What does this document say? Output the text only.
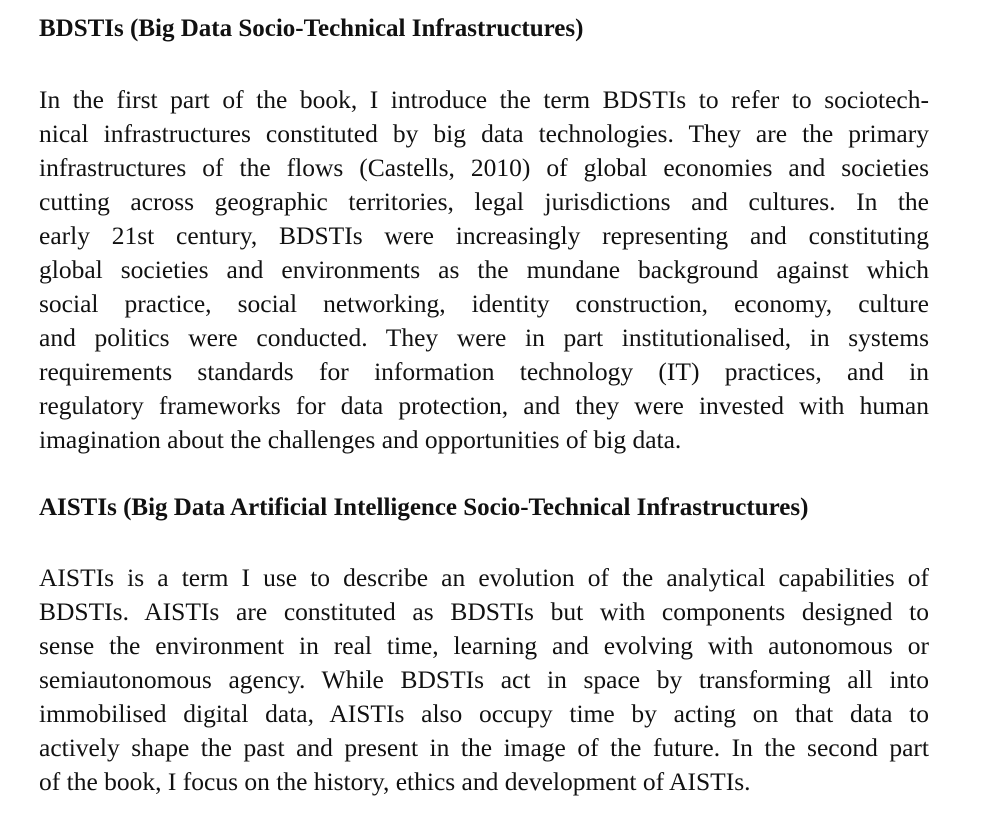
BDSTIs (Big Data Socio-Technical Infrastructures)
In the first part of the book, I introduce the term BDSTIs to refer to sociotech-
nical infrastructures constituted by big data technologies. They are the primary
infrastructures of the flows (Castells, 2010) of global economies and societies
cutting across geographic territories, legal jurisdictions and cultures. In the
early 21st century, BDSTIs were increasingly representing and constituting
global societies and environments as the mundane background against which
social practice, social networking, identity construction, economy, culture
and politics were conducted. They were in part institutionalised, in systems
requirements standards for information technology (IT) practices, and in
regulatory frameworks for data protection, and they were invested with human
imagination about the challenges and opportunities of big data.
AISTIs (Big Data Artificial Intelligence Socio-Technical Infrastructures)
AISTIs is a term I use to describe an evolution of the analytical capabilities of
BDSTIs. AISTIs are constituted as BDSTIs but with components designed to
sense the environment in real time, learning and evolving with autonomous or
semiautonomous agency. While BDSTIs act in space by transforming all into
immobilised digital data, AISTIs also occupy time by acting on that data to
actively shape the past and present in the image of the future. In the second part
of the book, I focus on the history, ethics and development of AISTIs.
